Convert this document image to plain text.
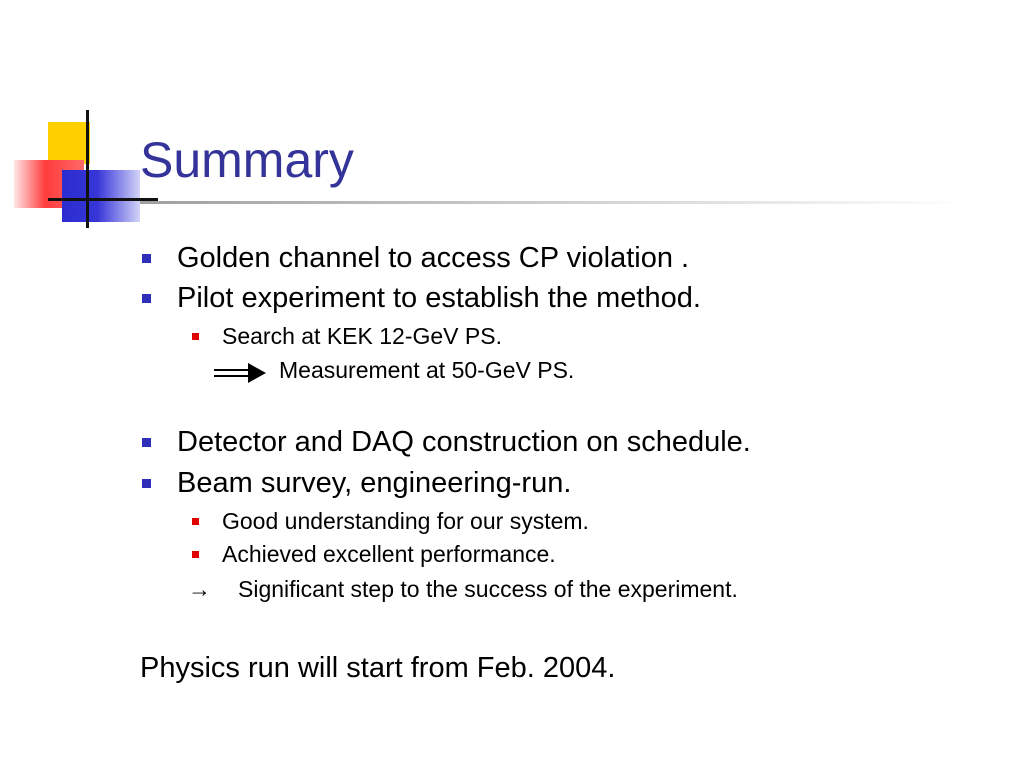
Summary
Golden channel to access CP violation .
Pilot experiment to establish the method.
Search at KEK 12-GeV PS.
Measurement at 50-GeV PS.
Detector and DAQ construction on schedule.
Beam survey, engineering-run.
Good understanding for our system.
Achieved excellent performance.
→ Significant step to the success of the experiment.
Physics run will start from Feb. 2004.
